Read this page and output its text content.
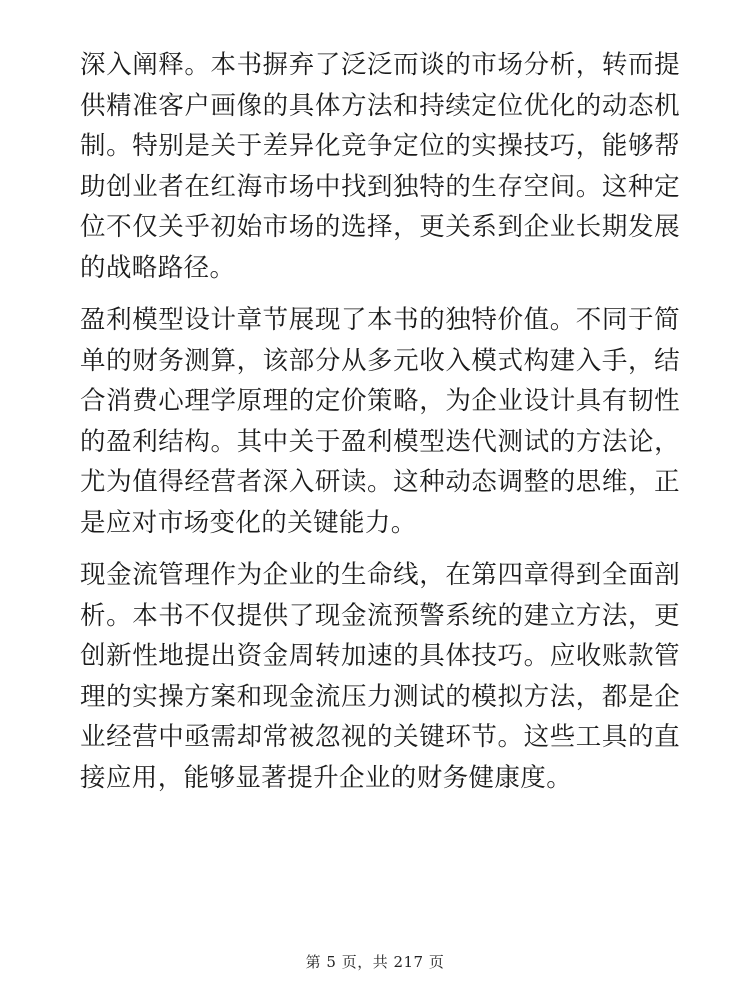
深入阐释。本书摒弃了泛泛而谈的市场分析，转而提供精准客户画像的具体方法和持续定位优化的动态机制。特别是关于差异化竞争定位的实操技巧，能够帮助创业者在红海市场中找到独特的生存空间。这种定位不仅关乎初始市场的选择，更关系到企业长期发展的战略路径。

盈利模型设计章节展现了本书的独特价值。不同于简单的财务测算，该部分从多元收入模式构建入手，结合消费心理学原理的定价策略，为企业设计具有韧性的盈利结构。其中关于盈利模型迭代测试的方法论，尤为值得经营者深入研读。这种动态调整的思维，正是应对市场变化的关键能力。

现金流管理作为企业的生命线，在第四章得到全面剖析。本书不仅提供了现金流预警系统的建立方法，更创新性地提出资金周转加速的具体技巧。应收账款管理的实操方案和现金流压力测试的模拟方法，都是企业经营中亟需却常被忽视的关键环节。这些工具的直接应用，能够显著提升企业的财务健康度。

第 5 页，共 217 页
